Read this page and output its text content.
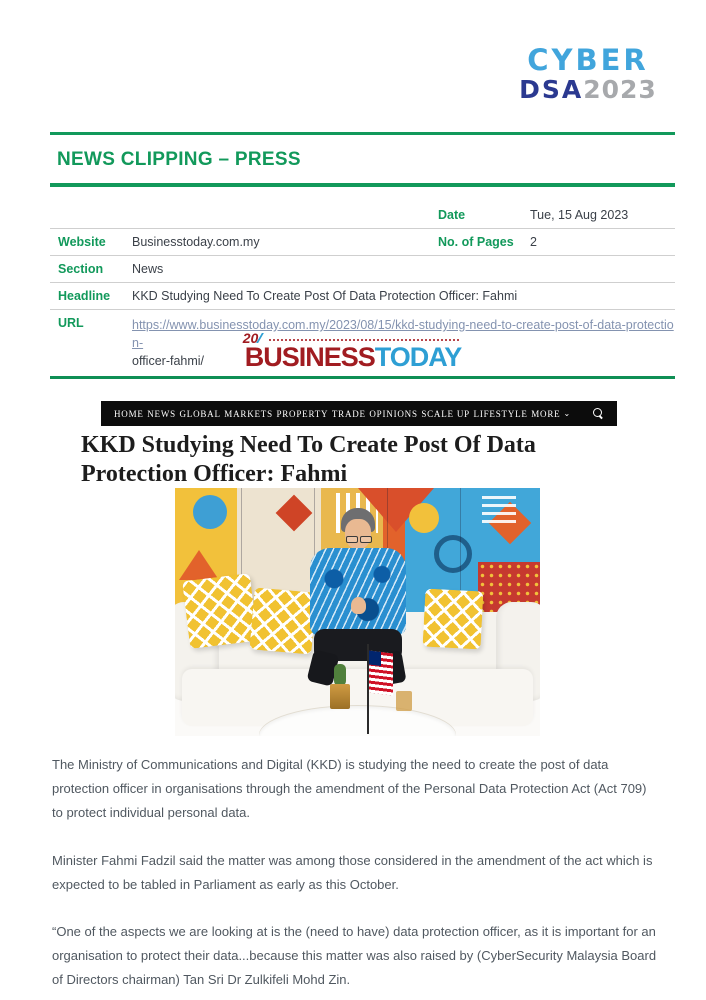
CYBER
DSA2023
NEWS CLIPPING – PRESS
Date	Tue, 15 Aug 2023
Website	Businesstoday.com.my	No. of Pages	2
Section	News
Headline	KKD Studying Need To Create Post Of Data Protection Officer: Fahmi
URL	https://www.businesstoday.com.my/2023/08/15/kkd-studying-need-to-create-post-of-data-protection-
officer-fahmi/
20
BUSINESSTODAY
HOME NEWS GLOBAL MARKETS PROPERTY TRADE OPINIONS SCALE UP LIFESTYLE MORE ⌄
KKD Studying Need To Create Post Of Data Protection Officer: Fahmi

The Ministry of Communications and Digital (KKD) is studying the need to create the post of data protection officer in organisations through the amendment of the Personal Data Protection Act (Act 709) to protect individual personal data.

Minister Fahmi Fadzil said the matter was among those considered in the amendment of the act which is expected to be tabled in Parliament as early as this October.

“One of the aspects we are looking at is the (need to have) data protection officer, as it is important for an organisation to protect their data...because this matter was also raised by (CyberSecurity Malaysia Board of Directors chairman) Tan Sri Dr Zulkifeli Mohd Zin.
